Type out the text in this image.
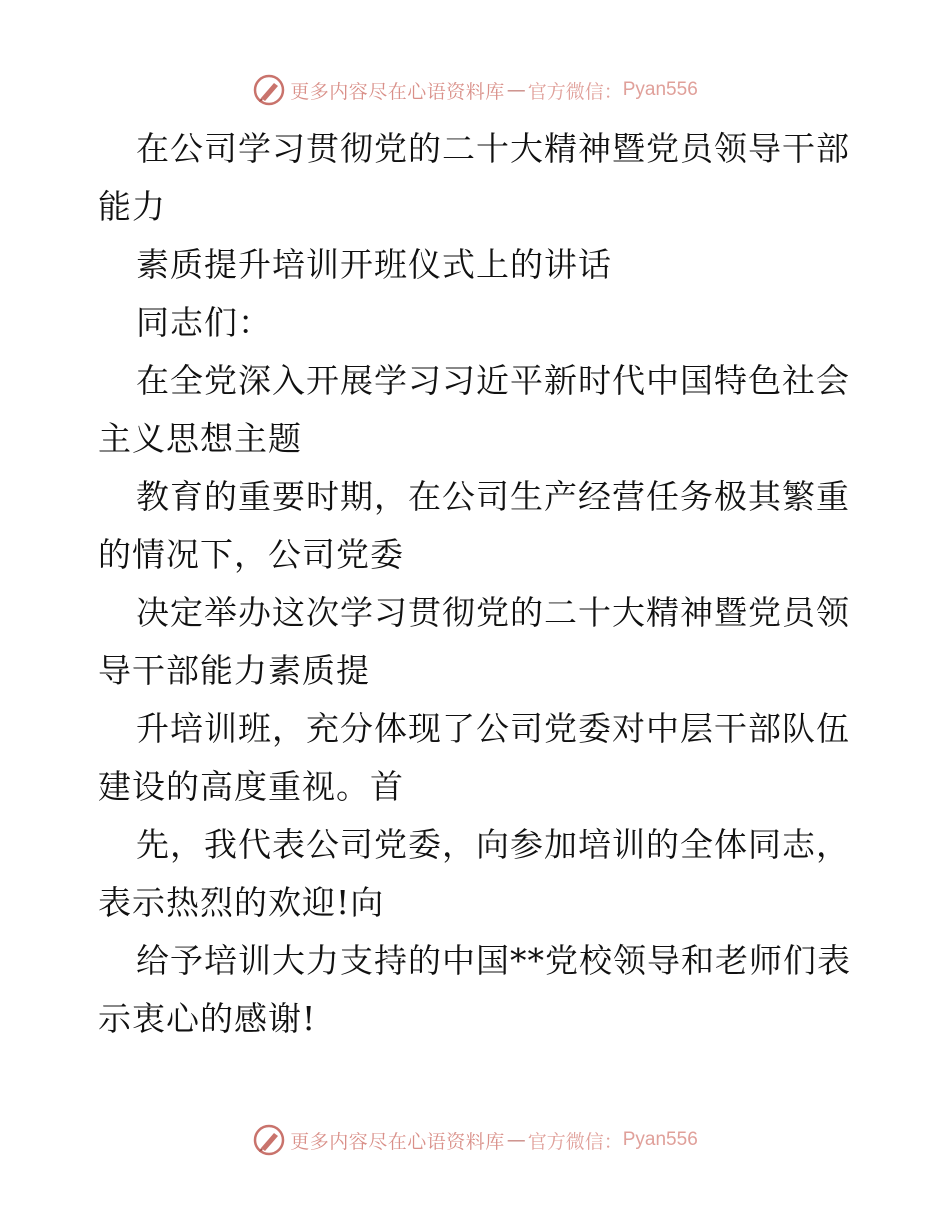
更多内容尽在心语资料库 — 官方微信： Pyan556

在公司学习贯彻党的二十大精神暨党员领导干部能力

素质提升培训开班仪式上的讲话

同志们：

在全党深入开展学习习近平新时代中国特色社会主义思想主题

教育的重要时期，在公司生产经营任务极其繁重的情况下，公司党委

决定举办这次学习贯彻党的二十大精神暨党员领导干部能力素质提

升培训班，充分体现了公司党委对中层干部队伍建设的高度重视。首

先，我代表公司党委，向参加培训的全体同志，表示热烈的欢迎!向

给予培训大力支持的中国**党校领导和老师们表示衷心的感谢!

更多内容尽在心语资料库 — 官方微信： Pyan556
